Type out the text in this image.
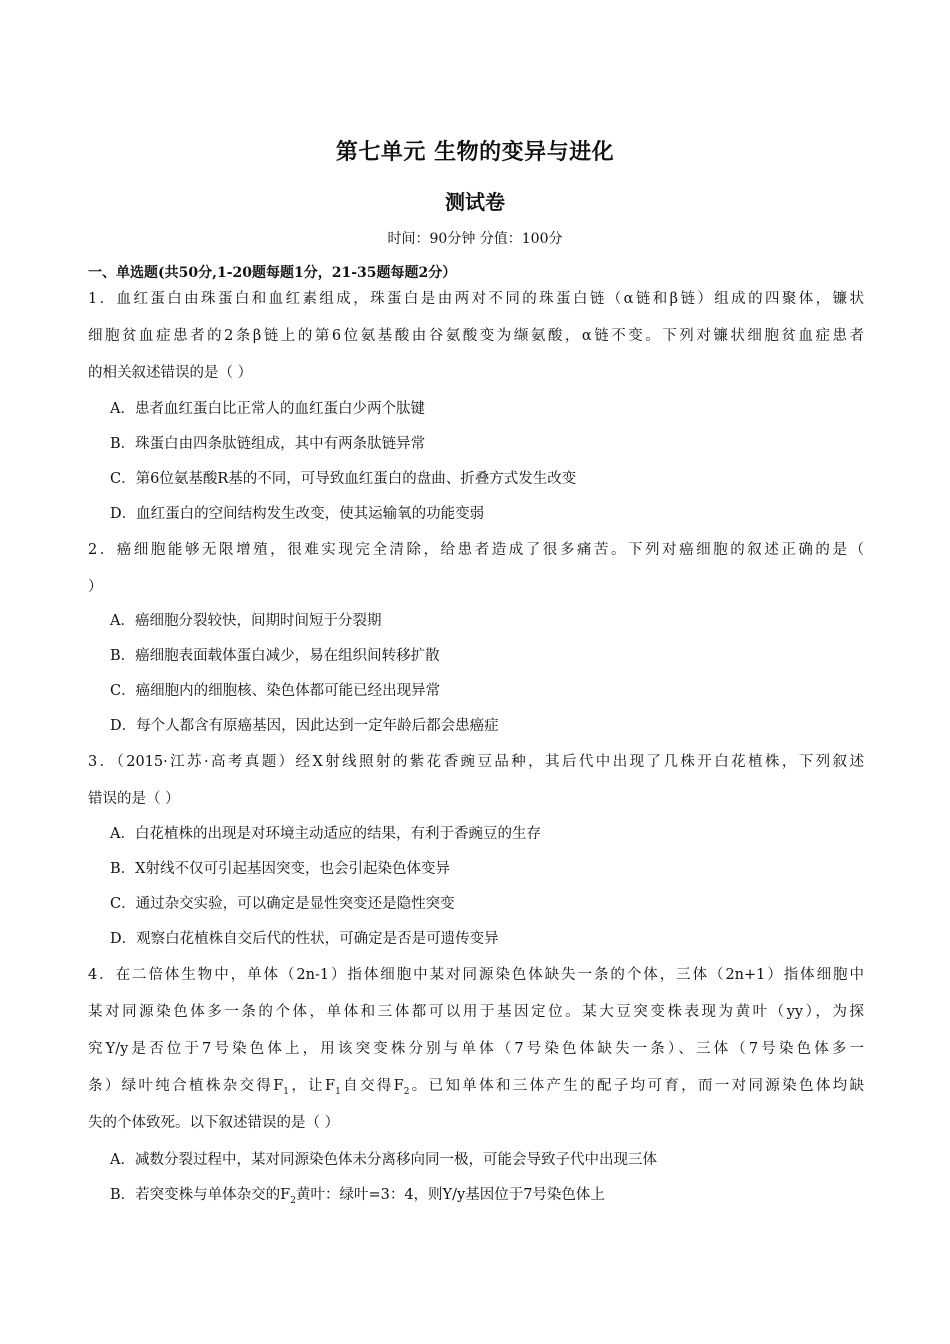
第七单元 生物的变异与进化
测试卷
时间：90分钟 分值：100分
一、单选题(共50分,1-20题每题1分，21-35题每题2分）
1．血红蛋白由珠蛋白和血红素组成，珠蛋白是由两对不同的珠蛋白链（α链和β链）组成的四聚体，镰状
细胞贫血症患者的2条β链上的第6位氨基酸由谷氨酸变为缬氨酸，α链不变。下列对镰状细胞贫血症患者
的相关叙述错误的是（ ）
A．患者血红蛋白比正常人的血红蛋白少两个肽键
B．珠蛋白由四条肽链组成，其中有两条肽链异常
C．第6位氨基酸R基的不同，可导致血红蛋白的盘曲、折叠方式发生改变
D．血红蛋白的空间结构发生改变，使其运输氧的功能变弱
2．癌细胞能够无限增殖，很难实现完全清除，给患者造成了很多痛苦。下列对癌细胞的叙述正确的是（
）
A．癌细胞分裂较快，间期时间短于分裂期
B．癌细胞表面载体蛋白减少，易在组织间转移扩散
C．癌细胞内的细胞核、染色体都可能已经出现异常
D．每个人都含有原癌基因，因此达到一定年龄后都会患癌症
3．（2015·江苏·高考真题）经X射线照射的紫花香豌豆品种，其后代中出现了几株开白花植株，下列叙述
错误的是（ ）
A．白花植株的出现是对环境主动适应的结果，有利于香豌豆的生存
B．X射线不仅可引起基因突变，也会引起染色体变异
C．通过杂交实验，可以确定是显性突变还是隐性突变
D．观察白花植株自交后代的性状，可确定是否是可遗传变异
4．在二倍体生物中，单体（2n-1）指体细胞中某对同源染色体缺失一条的个体，三体（2n+1）指体细胞中
某对同源染色体多一条的个体，单体和三体都可以用于基因定位。某大豆突变株表现为黄叶（yy），为探
究Y/y是否位于7号染色体上，用该突变株分别与单体（7号染色体缺失一条）、三体（7号染色体多一
条）绿叶纯合植株杂交得$F_1$，让$F_1$自交得$F_2$。已知单体和三体产生的配子均可育，而一对同源染色体均缺
失的个体致死。以下叙述错误的是（ ）
A．减数分裂过程中，某对同源染色体未分离移向同一极，可能会导致子代中出现三体
B．若突变株与单体杂交的$F_2$黄叶：绿叶=3：4，则Y/y基因位于7号染色体上
